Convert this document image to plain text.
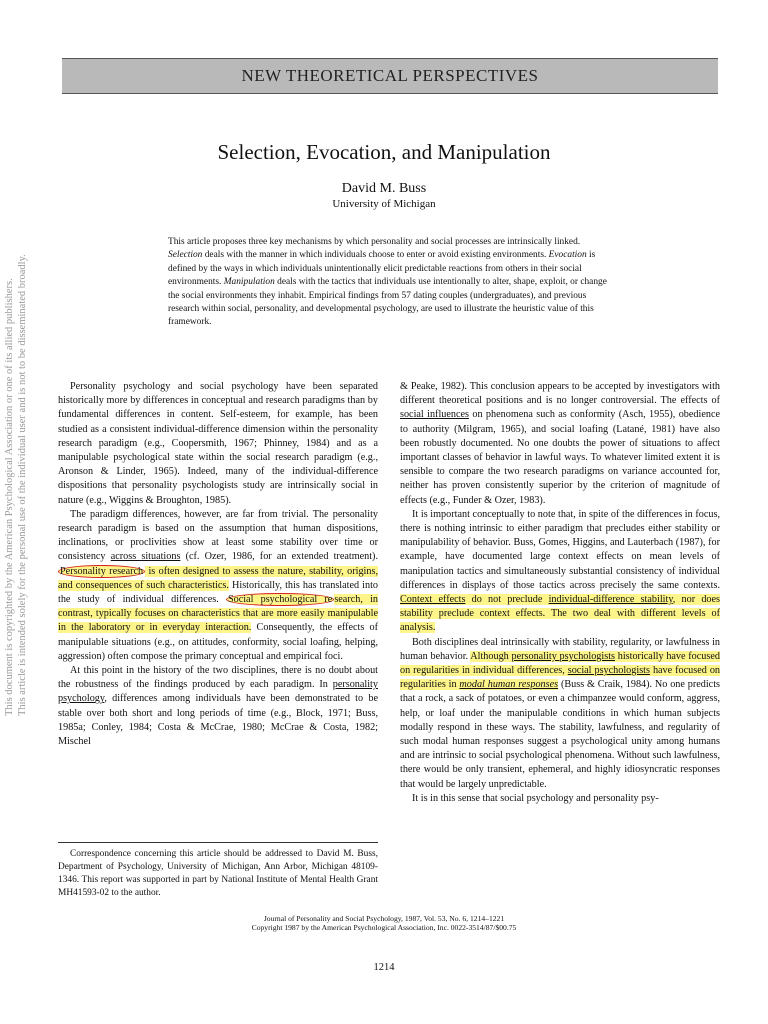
NEW THEORETICAL PERSPECTIVES
This document is copyrighted by the American Psychological Association or one of its allied publishers. This article is intended solely for the personal use of the individual user and is not to be disseminated broadly.
Selection, Evocation, and Manipulation
David M. Buss
University of Michigan
This article proposes three key mechanisms by which personality and social processes are intrinsically linked. Selection deals with the manner in which individuals choose to enter or avoid existing environments. Evocation is defined by the ways in which individuals unintentionally elicit predictable reactions from others in their social environments. Manipulation deals with the tactics that individuals use intentionally to alter, shape, exploit, or change the social environments they inhabit. Empirical findings from 57 dating couples (undergraduates), and previous research within social, personality, and developmental psychology, are used to illustrate the heuristic value of this framework.

Personality psychology and social psychology have been separated historically more by differences in conceptual and research paradigms than by fundamental differences in content. Self-esteem, for example, has been studied as a consistent individual-difference dimension within the personality research paradigm (e.g., Coopersmith, 1967; Phinney, 1984) and as a manipulable psychological state within the social research paradigm (e.g., Aronson & Linder, 1965). Indeed, many of the individual-difference dispositions that personality psychologists study are intrinsically social in nature (e.g., Wiggins & Broughton, 1985).

The paradigm differences, however, are far from trivial. The personality research paradigm is based on the assumption that human dispositions, inclinations, or proclivities show at least some stability over time or consistency across situations (cf. Ozer, 1986, for an extended treatment). Personality research is often designed to assess the nature, stability, origins, and consequences of such characteristics. Historically, this has translated into the study of individual differences. Social psychological re search, in contrast, typically focuses on characteristics that are more easily manipulable in the laboratory or in everyday interaction. Consequently, the effects of manipulable situations (e.g., on attitudes, conformity, social loafing, helping, aggression) often compose the primary conceptual and empirical foci.

At this point in the history of the two disciplines, there is no doubt about the robustness of the findings produced by each paradigm. In personality psychology, differences among individuals have been demonstrated to be stable over both short and long periods of time (e.g., Block, 1971; Buss, 1985a; Conley, 1984; Costa & McCrae, 1980; McCrae & Costa, 1982; Mischel

Correspondence concerning this article should be addressed to David M. Buss, Department of Psychology, University of Michigan, Ann Arbor, Michigan 48109-1346. This report was supported in part by National Institute of Mental Health Grant MH41593-02 to the author.

& Peake, 1982). This conclusion appears to be accepted by investigators with different theoretical positions and is no longer controversial. The effects of social influences on phenomena such as conformity (Asch, 1955), obedience to authority (Milgram, 1965), and social loafing (Latané, 1981) have also been robustly documented. No one doubts the power of situations to affect important classes of behavior in lawful ways. To whatever limited extent it is sensible to compare the two research paradigms on variance accounted for, neither has proven consistently superior by the criterion of magnitude of effects (e.g., Funder & Ozer, 1983).

It is important conceptually to note that, in spite of the differences in focus, there is nothing intrinsic to either paradigm that precludes either stability or manipulability of behavior. Buss, Gomes, Higgins, and Lauterbach (1987), for example, have documented large context effects on mean levels of manipulation tactics and simultaneously substantial consistency of individual differences in displays of those tactics across precisely the same contexts. Context effects do not preclude individual-difference stability, nor does stability preclude context effects. The two deal with different levels of analysis.

Both disciplines deal intrinsically with stability, regularity, or lawfulness in human behavior. Although personality psychologists historically have focused on regularities in individual differences, social psychologists have focused on regularities in modal human responses (Buss & Craik, 1984). No one predicts that a rock, a sack of potatoes, or even a chimpanzee would conform, aggress, help, or loaf under the manipulable conditions in which human subjects modally respond in these ways. The stability, lawfulness, and regularity of such modal human responses suggest a psychological unity among humans and are intrinsic to social psychological phenomena. Without such lawfulness, there would be only transient, ephemeral, and highly idiosyncratic responses that would be largely unpredictable.

It is in this sense that social psychology and personality psy-

Journal of Personality and Social Psychology, 1987, Vol. 53, No. 6, 1214–1221
Copyright 1987 by the American Psychological Association, Inc. 0022-3514/87/$00.75
1214
